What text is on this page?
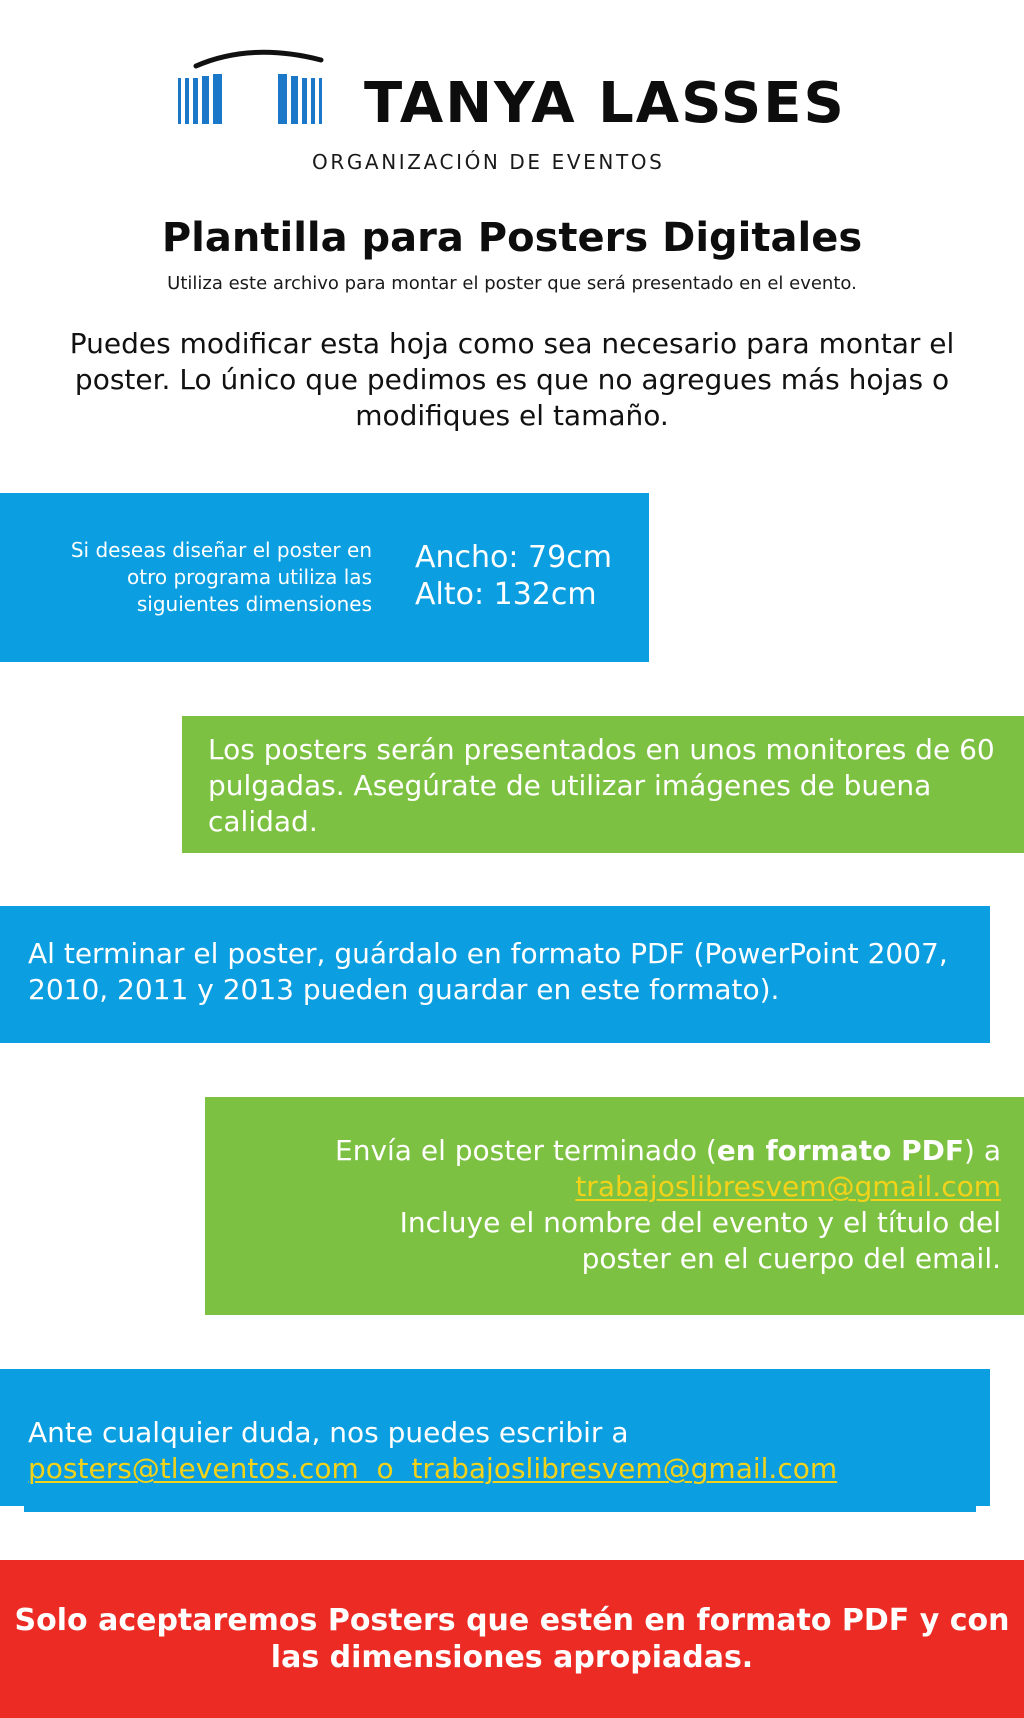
TANYA LASSES
ORGANIZACIÓN DE EVENTOS
Plantilla para Posters Digitales
Utiliza este archivo para montar el poster que será presentado en el evento.
Puedes modificar esta hoja como sea necesario para montar el poster. Lo único que pedimos es que no agregues más hojas o modifiques el tamaño.
Si deseas diseñar el poster en otro programa utiliza las siguientes dimensiones
Ancho: 79cm
Alto: 132cm
Los posters serán presentados en unos monitores de 60 pulgadas. Asegúrate de utilizar imágenes de buena calidad.
Al terminar el poster, guárdalo en formato PDF (PowerPoint 2007, 2010, 2011 y 2013 pueden guardar en este formato).
Envía el poster terminado (en formato PDF) a
trabajoslibresvem@gmail.com
Incluye el nombre del evento y el título del
poster en el cuerpo del email.
Ante cualquier duda, nos puedes escribir a
posters@tleventos.com  o  trabajoslibresvem@gmail.com
Solo aceptaremos Posters que estén en formato PDF y con las dimensiones apropiadas.
